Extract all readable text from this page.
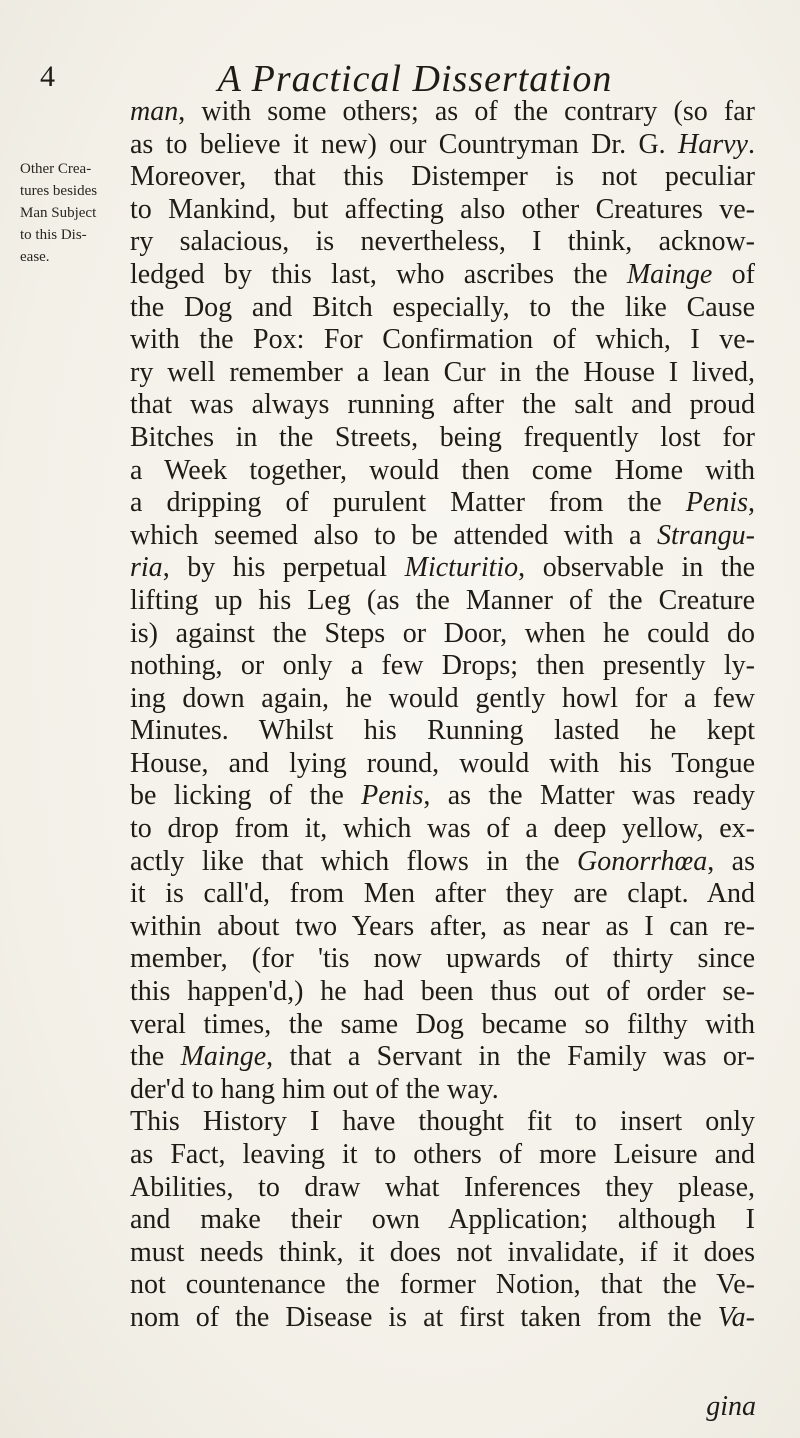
4	A Practical Dissertation
Other Crea-
tures besides
Man Subject
to this Dis-
ease.
man, with some others; as of the contrary (so far
as to believe it new) our Countryman Dr. G. Harvy.
Moreover, that this Distemper is not peculiar
to Mankind, but affecting also other Creatures ve-
ry salacious, is nevertheless, I think, acknow-
ledged by this last, who ascribes the Mainge of
the Dog and Bitch especially, to the like Cause
with the Pox: For Confirmation of which, I ve-
ry well remember a lean Cur in the House I lived,
that was always running after the salt and proud
Bitches in the Streets, being frequently lost for
a Week together, would then come Home with
a dripping of purulent Matter from the Penis,
which seemed also to be attended with a Strangu-
ria, by his perpetual Micturitio, observable in the
lifting up his Leg (as the Manner of the Creature
is) against the Steps or Door, when he could do
nothing, or only a few Drops; then presently ly-
ing down again, he would gently howl for a few
Minutes. Whilst his Running lasted he kept
House, and lying round, would with his Tongue
be licking of the Penis, as the Matter was ready
to drop from it, which was of a deep yellow, ex-
actly like that which flows in the Gonorrhœa, as
it is call'd, from Men after they are clapt. And
within about two Years after, as near as I can re-
member, (for 'tis now upwards of thirty since
this happen'd,) he had been thus out of order se-
veral times, the same Dog became so filthy with
the Mainge, that a Servant in the Family was or-
der'd to hang him out of the way.
This History I have thought fit to insert only
as Fact, leaving it to others of more Leisure and
Abilities, to draw what Inferences they please,
and make their own Application; although I
must needs think, it does not invalidate, if it does
not countenance the former Notion, that the Ve-
nom of the Disease is at first taken from the Va-
gina
